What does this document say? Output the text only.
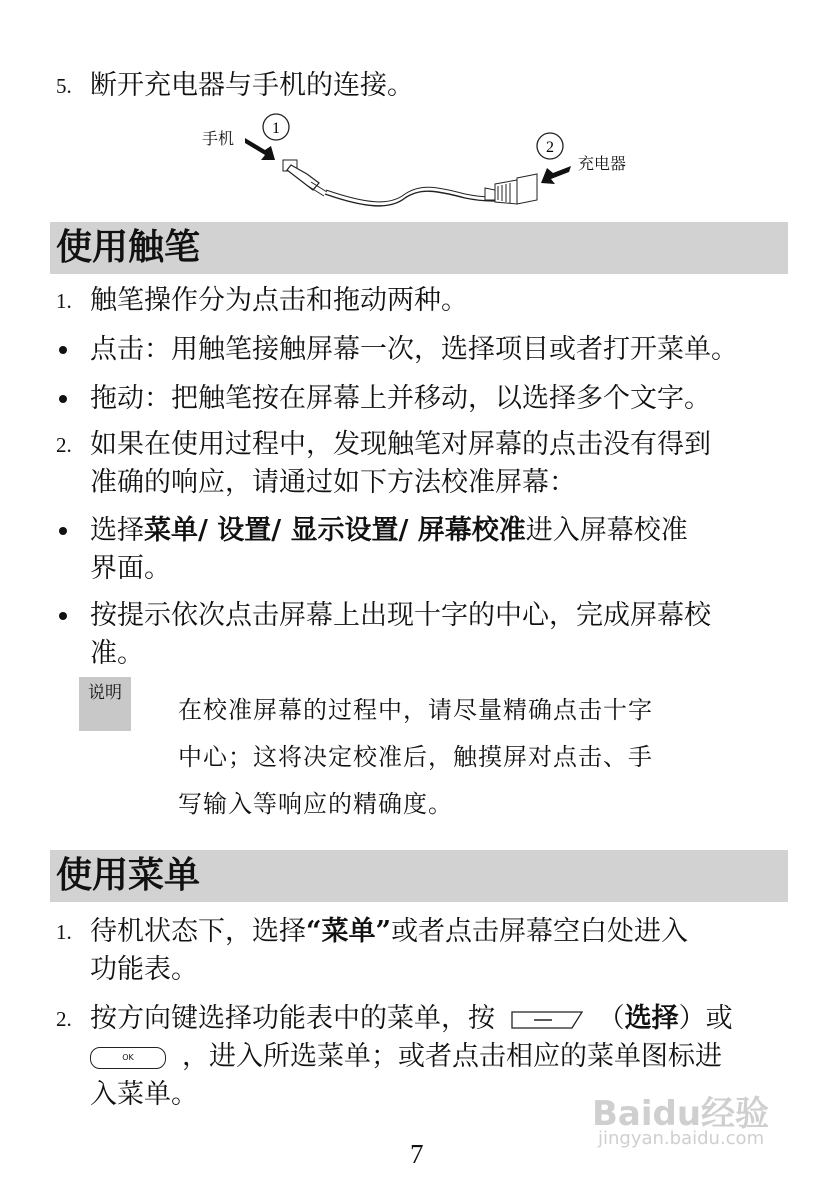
5. 断开充电器与手机的连接。
手机
充电器
1
2
使用触笔
1. 触笔操作分为点击和拖动两种。
点击：用触笔接触屏幕一次，选择项目或者打开菜单。
拖动：把触笔按在屏幕上并移动，以选择多个文字。
2. 如果在使用过程中，发现触笔对屏幕的点击没有得到
准确的响应，请通过如下方法校准屏幕：
选择菜单/ 设置/ 显示设置/ 屏幕校准进入屏幕校准
界面。
按提示依次点击屏幕上出现十字的中心，完成屏幕校
准。
说明
在校准屏幕的过程中，请尽量精确点击十字
中心；这将决定校准后，触摸屏对点击、手
写输入等响应的精确度。
使用菜单
1. 待机状态下，选择“菜单”或者点击屏幕空白处进入
功能表。
2. 按方向键选择功能表中的菜单，按	（选择）或
OK	，进入所选菜单；或者点击相应的菜单图标进
入菜单。
7
Baidu经验
jingyan.baidu.com
